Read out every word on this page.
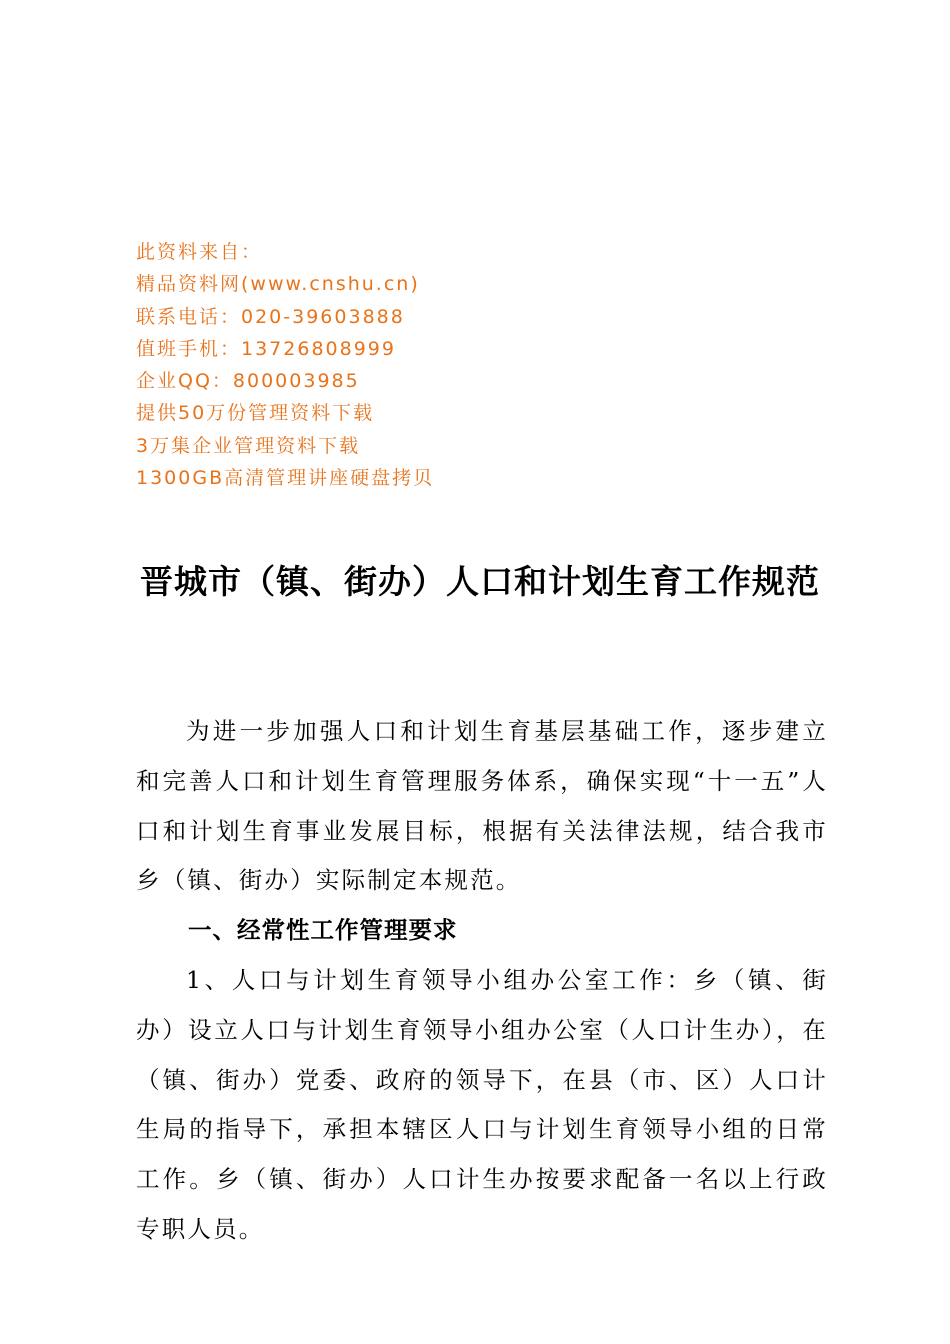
此资料来自：
精品资料网(www.cnshu.cn)
联系电话：020-39603888
值班手机：13726808999
企业QQ：800003985
提供50万份管理资料下载
3万集企业管理资料下载
1300GB高清管理讲座硬盘拷贝
晋城市（镇、街办）人口和计划生育工作规范

为进一步加强人口和计划生育基层基础工作，逐步建立和完善人口和计划生育管理服务体系，确保实现“十一五”人口和计划生育事业发展目标，根据有关法律法规，结合我市乡（镇、街办）实际制定本规范。

一、经常性工作管理要求

1、人口与计划生育领导小组办公室工作：乡（镇、街办）设立人口与计划生育领导小组办公室（人口计生办），在（镇、街办）党委、政府的领导下，在县（市、区）人口计生局的指导下，承担本辖区人口与计划生育领导小组的日常工作。乡（镇、街办）人口计生办按要求配备一名以上行政专职人员。
